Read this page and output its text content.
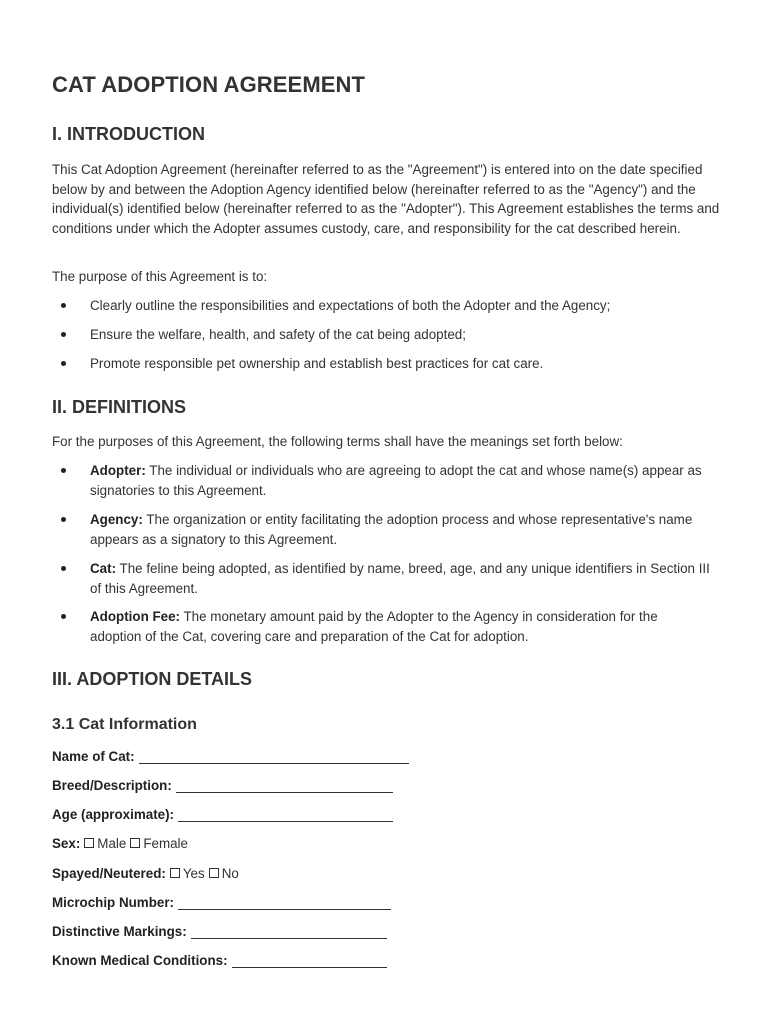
CAT ADOPTION AGREEMENT
I. INTRODUCTION

This Cat Adoption Agreement (hereinafter referred to as the "Agreement") is entered into on the date specified below by and between the Adoption Agency identified below (hereinafter referred to as the "Agency") and the individual(s) identified below (hereinafter referred to as the "Adopter"). This Agreement establishes the terms and conditions under which the Adopter assumes custody, care, and responsibility for the cat described herein.

The purpose of this Agreement is to:

Clearly outline the responsibilities and expectations of both the Adopter and the Agency;
Ensure the welfare, health, and safety of the cat being adopted;
Promote responsible pet ownership and establish best practices for cat care.
II. DEFINITIONS

For the purposes of this Agreement, the following terms shall have the meanings set forth below:

Adopter: The individual or individuals who are agreeing to adopt the cat and whose name(s) appear as signatories to this Agreement.
Agency: The organization or entity facilitating the adoption process and whose representative's name appears as a signatory to this Agreement.
Cat: The feline being adopted, as identified by name, breed, age, and any unique identifiers in Section III of this Agreement.
Adoption Fee: The monetary amount paid by the Adopter to the Agency in consideration for the adoption of the Cat, covering care and preparation of the Cat for adoption.
III. ADOPTION DETAILS
3.1 Cat Information
Name of Cat:
Breed/Description:
Age (approximate):
Sex: Male Female
Spayed/Neutered: Yes No
Microchip Number:
Distinctive Markings:
Known Medical Conditions:
